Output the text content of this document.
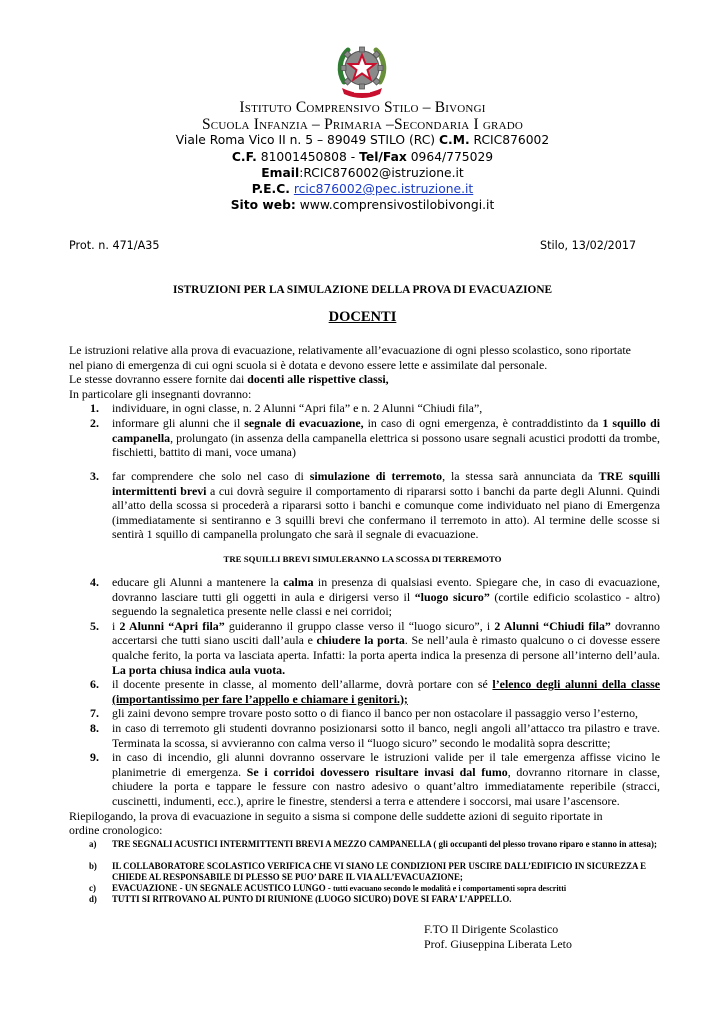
Istituto Comprensivo Stilo – Bivongi
Scuola Infanzia – Primaria –Secondaria I grado
Viale Roma Vico II n. 5 – 89049 STILO (RC) C.M. RCIC876002
C.F. 81001450808 - Tel/Fax 0964/775029
Email:RCIC876002@istruzione.it
P.E.C. rcic876002@pec.istruzione.it
Sito web: www.comprensivostilobivongi.it
Prot. n. 471/A35	Stilo, 13/02/2017
ISTRUZIONI PER LA SIMULAZIONE DELLA PROVA DI EVACUAZIONE
DOCENTI
Le istruzioni relative alla prova di evacuazione, relativamente all’evacuazione di ogni plesso scolastico, sono riportate
nel piano di emergenza di cui ogni scuola si è dotata e devono essere lette e assimilate dal personale.
Le stesse dovranno essere fornite dai docenti alle rispettive classi,
In particolare gli insegnanti dovranno:
1. individuare, in ogni classe, n. 2 Alunni “Apri fila” e n. 2 Alunni “Chiudi fila”,
2. informare gli alunni che il segnale di evacuazione, in caso di ogni emergenza, è contraddistinto da 1 squillo di campanella, prolungato (in assenza della campanella elettrica si possono usare segnali acustici prodotti da trombe, fischietti, battito di mani, voce umana)
3. far comprendere che solo nel caso di simulazione di terremoto, la stessa sarà annunciata da TRE squilli intermittenti brevi a cui dovrà seguire il comportamento di ripararsi sotto i banchi da parte degli Alunni. Quindi all’atto della scossa si procederà a ripararsi sotto i banchi e comunque come individuato nel piano di Emergenza (immediatamente si sentiranno e 3 squilli brevi che confermano il terremoto in atto). Al termine delle scosse si sentirà 1 squillo di campanella prolungato che sarà il segnale di evacuazione.
TRE SQUILLI BREVI SIMULERANNO LA SCOSSA DI TERREMOTO
4. educare gli Alunni a mantenere la calma in presenza di qualsiasi evento. Spiegare che, in caso di evacuazione, dovranno lasciare tutti gli oggetti in aula e dirigersi verso il “luogo sicuro” (cortile edificio scolastico - altro) seguendo la segnaletica presente nelle classi e nei corridoi;
5. i 2 Alunni “Apri fila” guideranno il gruppo classe verso il “luogo sicuro”, i 2 Alunni “Chiudi fila” dovranno accertarsi che tutti siano usciti dall’aula e chiudere la porta. Se nell’aula è rimasto qualcuno o ci dovesse essere qualche ferito, la porta va lasciata aperta. Infatti: la porta aperta indica la presenza di persone all’interno dell’aula. La porta chiusa indica aula vuota.
6. il docente presente in classe, al momento dell’allarme, dovrà portare con sé l’elenco degli alunni della classe (importantissimo per fare l’appello e chiamare i genitori.);
7. gli zaini devono sempre trovare posto sotto o di fianco il banco per non ostacolare il passaggio verso l’esterno,
8. in caso di terremoto gli studenti dovranno posizionarsi sotto il banco, negli angoli all’attacco tra pilastro e trave. Terminata la scossa, si avvieranno con calma verso il “luogo sicuro” secondo le modalità sopra descritte;
9. in caso di incendio, gli alunni dovranno osservare le istruzioni valide per il tale emergenza affisse vicino le planimetrie di emergenza. Se i corridoi dovessero risultare invasi dal fumo, dovranno ritornare in classe, chiudere la porta e tappare le fessure con nastro adesivo o quant’altro immediatamente reperibile (stracci, cuscinetti, indumenti, ecc.), aprire le finestre, stendersi a terra e attendere i soccorsi, mai usare l’ascensore.
Riepilogando, la prova di evacuazione in seguito a sisma si compone delle suddette azioni di seguito riportate in
ordine cronologico:
a) TRE SEGNALI ACUSTICI INTERMITTENTI BREVI A MEZZO CAMPANELLA ( gli occupanti del plesso trovano riparo e stanno in attesa);
b) IL COLLABORATORE SCOLASTICO VERIFICA CHE VI SIANO LE CONDIZIONI PER USCIRE DALL’EDIFICIO IN SICUREZZA E CHIEDE AL RESPONSABILE DI PLESSO SE PUO’ DARE IL VIA ALL’EVACUAZIONE;
c) EVACUAZIONE - UN SEGNALE ACUSTICO LUNGO - tutti evacuano secondo le modalità e i comportamenti sopra descritti
d) TUTTI SI RITROVANO AL PUNTO DI RIUNIONE (LUOGO SICURO) DOVE SI FARA’ L’APPELLO.
F.TO Il Dirigente Scolastico
Prof. Giuseppina Liberata Leto
